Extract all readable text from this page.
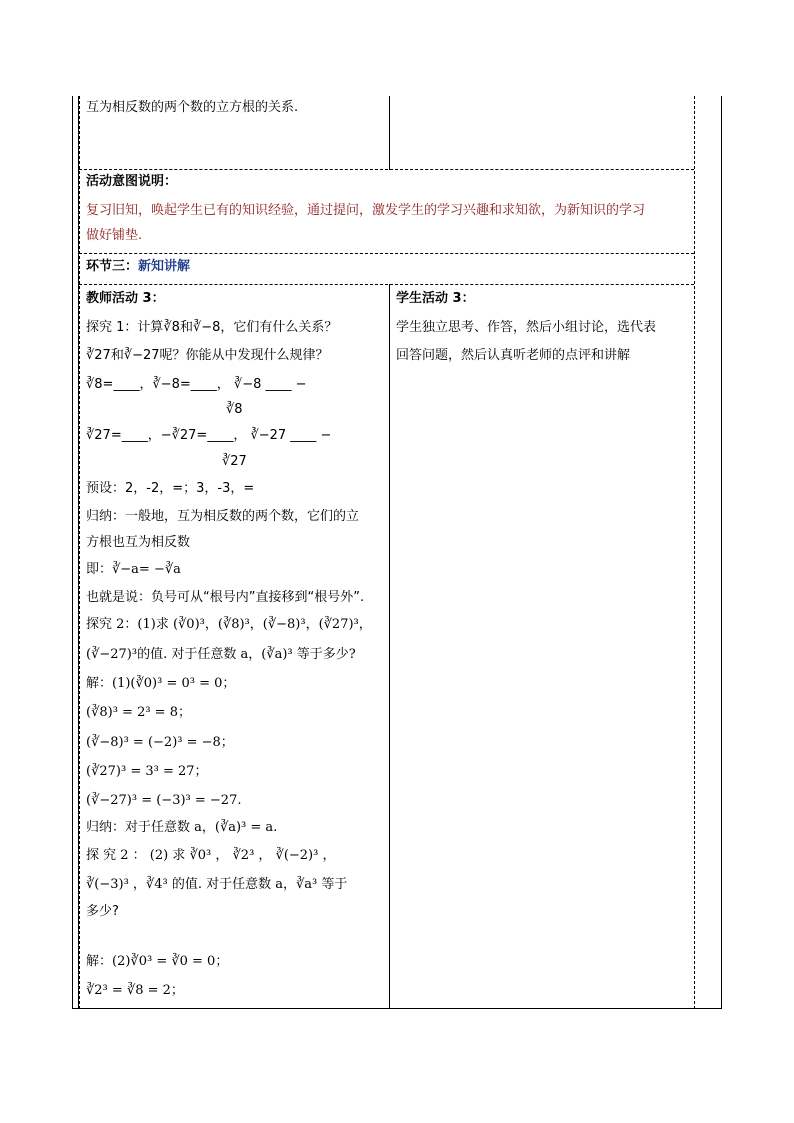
互为相反数的两个数的立方根的关系.
活动意图说明：
复习旧知，唤起学生已有的知识经验，通过提问，激发学生的学习兴趣和求知欲，为新知识的学习
做好铺垫.
环节三：新知讲解
教师活动 3：
探究 1：计算∛8和∛−8，它们有什么关系？
∛27和∛−27呢？你能从中发现什么规律？
∛8=____，∛−8=____， ∛−8 ____ −
∛8
∛27=____，−∛27=____， ∛−27 ____ −
∛27
预设：2，-2，=；3，-3，=
归纳：一般地，互为相反数的两个数，它们的立
方根也互为相反数
即：∛−a= −∛a
也就是说：负号可从“根号内”直接移到“根号外”.
探究 2：(1)求 (∛0)³，(∛8)³，(∛−8)³，(∛27)³，
(∛−27)³的值. 对于任意数 a，(∛a)³ 等于多少?
解：(1)(∛0)³ = 0³ = 0；
(∛8)³ = 2³ = 8；
(∛−8)³ = (−2)³ = −8；
(∛27)³ = 3³ = 27；
(∛−27)³ = (−3)³ = −27.
归纳：对于任意数 a，(∛a)³ = a.
探 究 2 ： (2) 求 ∛0³ ， ∛2³ ， ∛(−2)³ ，
∛(−3)³ ，∛4³ 的值. 对于任意数 a，∛a³ 等于
多少?
解：(2)∛0³ = ∛0 = 0；
∛2³ = ∛8 = 2；
学生活动 3：
学生独立思考、作答，然后小组讨论，选代表
回答问题，然后认真听老师的点评和讲解
